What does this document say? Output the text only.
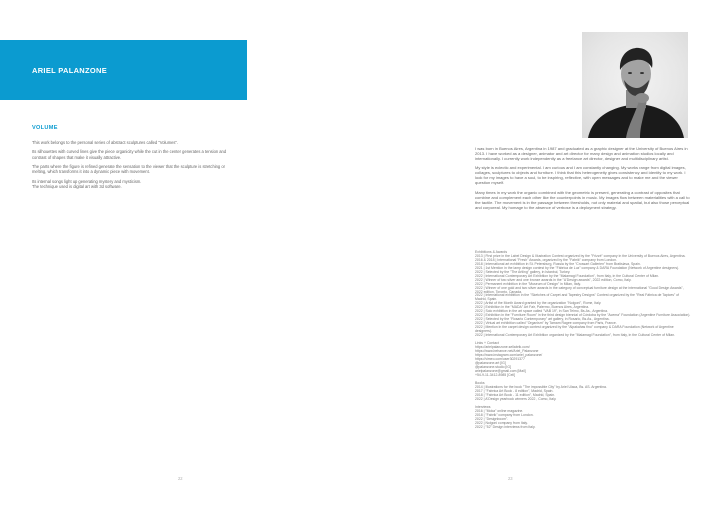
ARIEL PALANZONE
VOLUME

This work belongs to the personal series of abstract sculptures called "Volumes".

Its silhouettes with curved lines give the piece organicity while the cut in the center generates a tension and contrast of shapes that make it visually attractive.

The parts where the figure is refined generate the sensation to the viewer that the sculpture is stretching or melting, which transforms it into a dynamic piece with movement.

Its internal songs light up generating mystery and mysticism.
The technique used is digital art with 3d software.

22

I was born in Buenos Aires, Argentina in 1987 and graduated as a graphic designer at the University of Buenos Aires in 2013. I have worked as a designer, animator and art director for many design and animation studios locally and internationally. I currently work independently as a freelance art director, designer and multidisciplinary artist.

My style is eclectic and experimental. I am curious and I am constantly changing. My works range from digital images, collages, sculptures to objects and furniture. I think that this heterogeneity gives consistency and identity to my work. I look for my images to have a soul, to be inspiring, reflective, with open messages and to make me and the viewer question myself.

Many times in my work the organic combined with the geometric is present, generating a contrast of opposites that combine and complement each other like the counterpoints in music. My images flow between materialities with a call to the tactile. The movement is in the passage between thresholds, not only material and spatial, but also those perceptual and corporeal. My homage to the absence of verbose is a deployment strategy.

Exhibitions & Awards
2013 | First prize in the Label Design & Illustration Contest organized by the "Frizzé" company in the University of Buenos Aires, Argentina.
2016 & 2018 | International "Fresh" Awards, organized by the "Fabrik" company from London.
2018 | International art exhibition in St. Petersburg, Russia by the "Crossart Gallerien" from Bratislava, Spain.
2021 | 1st Mention in the lamp design contest by the "Fábrica de Luz" company & DARA Foundation (Network of Argentine designers).
2022 | Selected by the "The Artling" gallery, in Istanbul, Turkey.
2022 | International Contemporary Art Exhibition by the "Malamagi Foundation", from Italy, in the Cultural Center of Milan.
2022 | Winner of two silver and one bronze awards in the "A'Design awards", 2022 edition, Como, Italy.
2022 | Permanent exhibition in the "Museum of Design" in Milan, Italy.
2022 | Winner of one gold and two silver awards in the category of conceptual furniture design at the international "Good Design Awards", 2022 edition, Toronto, Canada.
2022 | International exhibition in the "Sketches of Carpet and Tapestry Designs" Contest organized by the "Real Fábrica de Tapices" of Madrid, Spain.
2022 | Artist of the Month Award granted by the organization "Nolgoni", Rome, Italy.
2022 | Exhibition in the "MADA" Art Fair, Palermo, Buenos Aires, Argentina.
2022 | Solo exhibition in the art space called "VAB 19", in San Telmo, Bs.As., Argentina.
2022 | Exhibition in the "Furniture Room" in the third design biennial of Córdoba by the "Acema" Foundation (Argentine Furniture Association).
2022 | Selected by the "Rosario Contemporary" art gallery, in Rosario, Bs.As., Argentina.
2022 | Virtual art exhibition called "Organism" by Tamam Ragee company from Paris, France.
2022 | Mention in the carpet design contest organized by the "Alpakahas fino" company & DARA Foundation (Network of Argentine designers).
2022 | International Contemporary Art Exhibition organized by the "Malamagi Foundation", from Italy, in the Cultural Center of Milan.
Links + Contact
https://arielpalanzone.sellabrik.com/
https://www.behance.net/Ariel_Palanzone
https://www.instagram.com/ariel_palanzone/
https://vimeo.com/user30291377
@palanzone.art [IG]
@palanzone.studio [IG]
arielpalanzone@gmail.com [Mail]
+54-9-11-3412-8985 [Cell]
Books
2014 | Illustrations for the book "The impossible City" by Ariel Ulaca, Bs. AS. Argentina.
2017 | "Fabrica Art Book - 8 edition", Madrid, Spain.
2018 | "Fabrica Art Book - 11 edition", Madrid, Spain.
2022 | A'Design yearbook winners 2022 , Como, Italy.
Interviews
2016 | "Moka" online magazine.
2018 | "Fabrik" company from London.
2022 | "Designboom".
2022 | Nolgoni company from Italy.
2022 | "52" Design interviews from Italy.
23
